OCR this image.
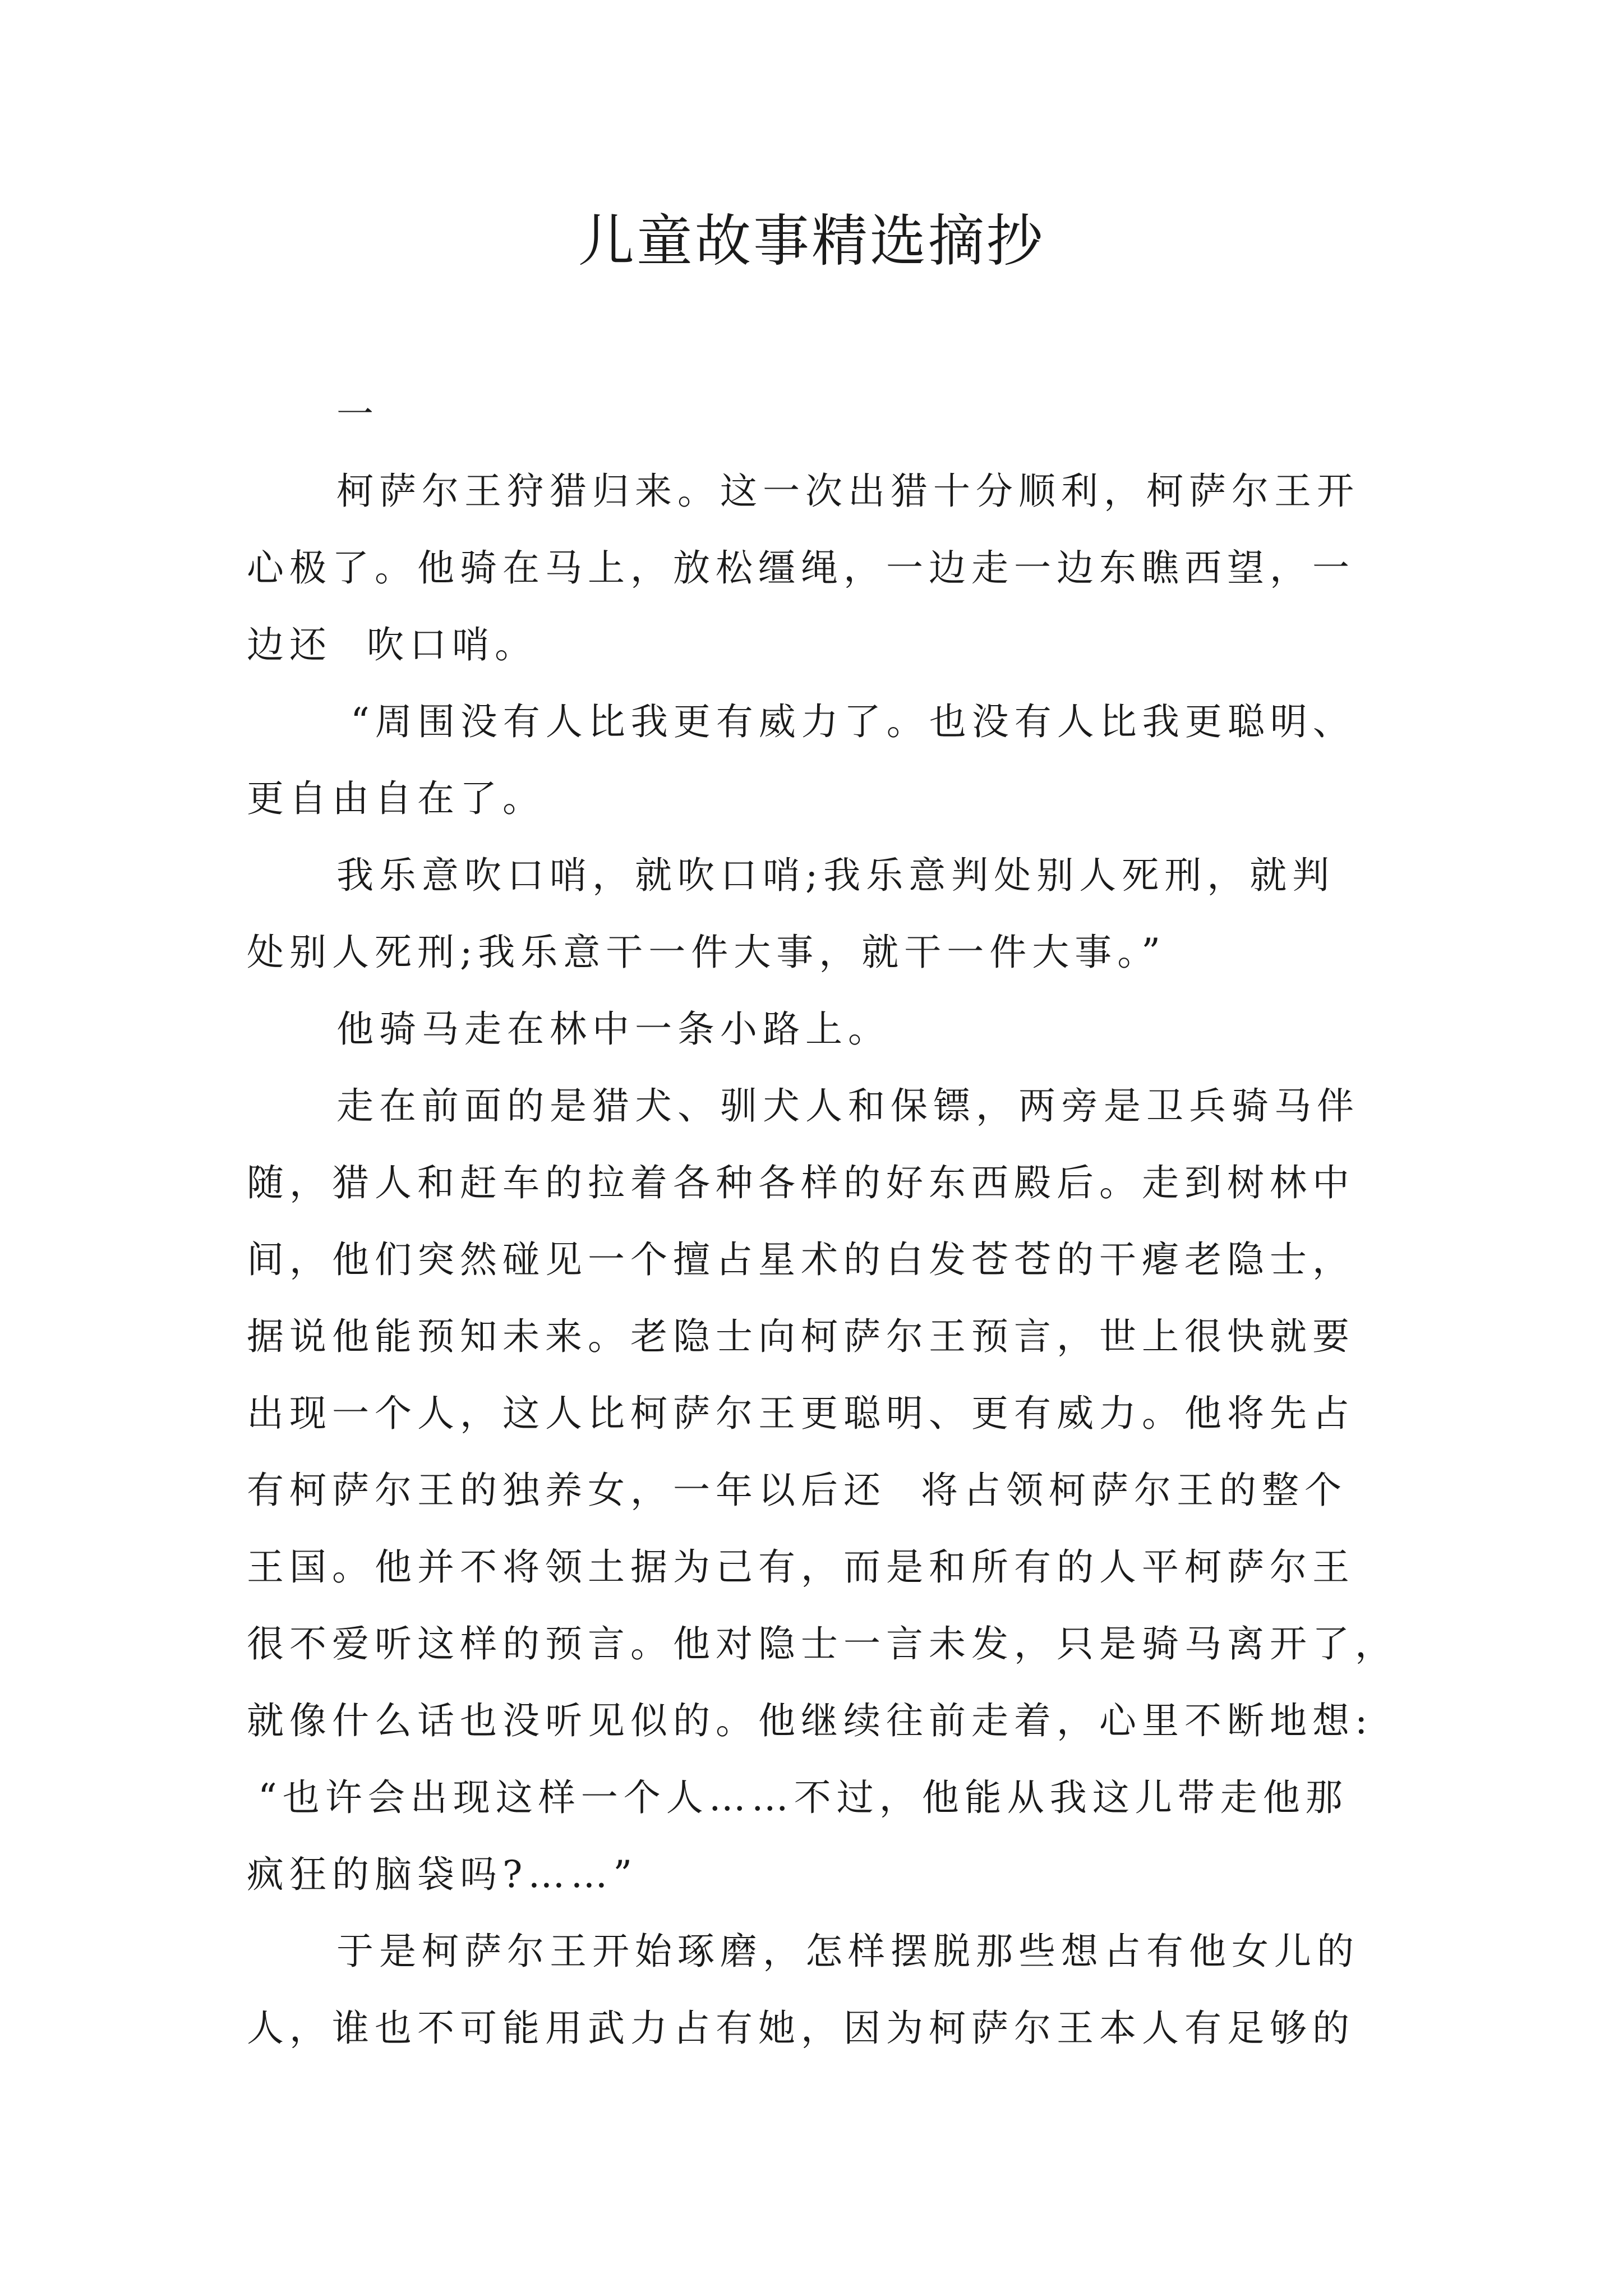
儿童故事精选摘抄
一
柯萨尔王狩猎归来。这一次出猎十分顺利，柯萨尔王开
心极了。他骑在马上，放松缰绳，一边走一边东瞧西望，一
边还  吹口哨。
“周围没有人比我更有威力了。也没有人比我更聪明、
更自由自在了。
我乐意吹口哨，就吹口哨;我乐意判处别人死刑，就判
处别人死刑;我乐意干一件大事，就干一件大事。”
他骑马走在林中一条小路上。
走在前面的是猎犬、驯犬人和保镖，两旁是卫兵骑马伴
随，猎人和赶车的拉着各种各样的好东西殿后。走到树林中
间，他们突然碰见一个擅占星术的白发苍苍的干瘪老隐士，
据说他能预知未来。老隐士向柯萨尔王预言，世上很快就要
出现一个人，这人比柯萨尔王更聪明、更有威力。他将先占
有柯萨尔王的独养女，一年以后还  将占领柯萨尔王的整个
王国。他并不将领土据为己有，而是和所有的人平柯萨尔王
很不爱听这样的预言。他对隐士一言未发，只是骑马离开了，
就像什么话也没听见似的。他继续往前走着，心里不断地想:
“也许会出现这样一个人……不过，他能从我这儿带走他那
疯狂的脑袋吗?……”
于是柯萨尔王开始琢磨，怎样摆脱那些想占有他女儿的
人，谁也不可能用武力占有她，因为柯萨尔王本人有足够的
